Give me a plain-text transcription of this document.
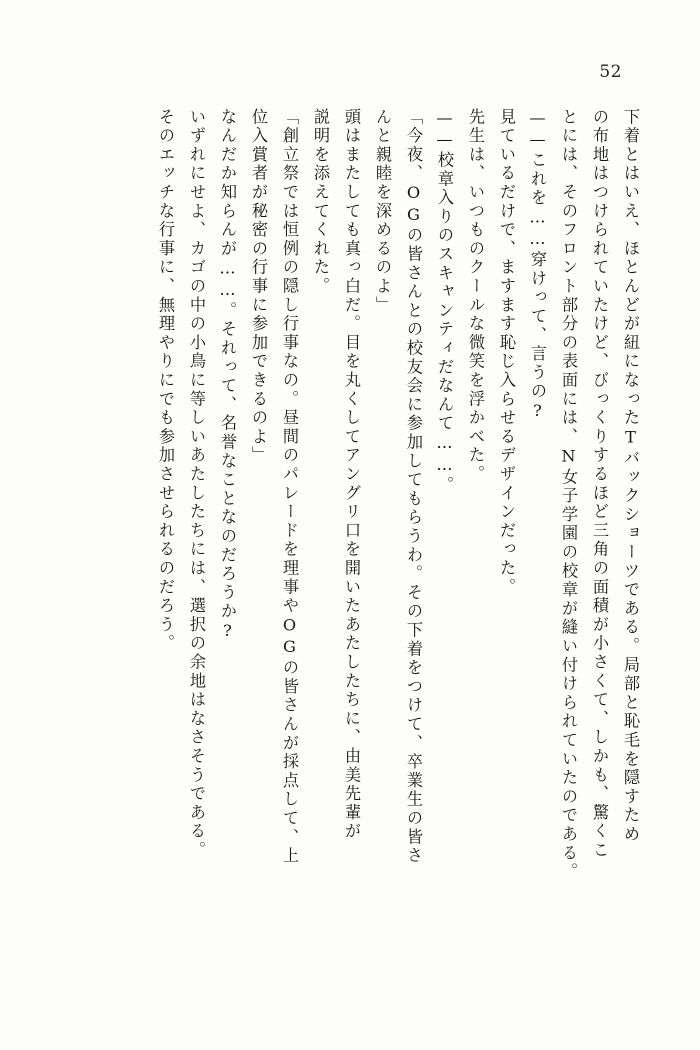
52
下着とはいえ、ほとんどが紐になったTバックショーツである。局部と恥毛を隠すため
の布地はつけられていたけど、びっくりするほど三角の面積が小さくて、しかも、驚くこ
とには、そのフロント部分の表面には、N女子学園の校章が縫い付けられていたのである。
——これを……穿けって、言うの?
見ているだけで、ますます恥じ入らせるデザインだった。
先生は、いつものクールな微笑を浮かべた。
——校章入りのスキャンティだなんて……。
「今夜、OGの皆さんとの校友会に参加してもらうわ。その下着をつけて、卒業生の皆さ
んと親睦を深めるのよ」
頭はまたしても真っ白だ。目を丸くしてアングリ口を開いたあたしたちに、由美先輩が
説明を添えてくれた。
「創立祭では恒例の隠し行事なの。昼間のパレードを理事やOGの皆さんが採点して、上
位入賞者が秘密の行事に参加できるのよ」
なんだか知らんが……。それって、名誉なことなのだろうか?
いずれにせよ、カゴの中の小鳥に等しいあたしたちには、選択の余地はなさそうである。
そのエッチな行事に、無理やりにでも参加させられるのだろう。
